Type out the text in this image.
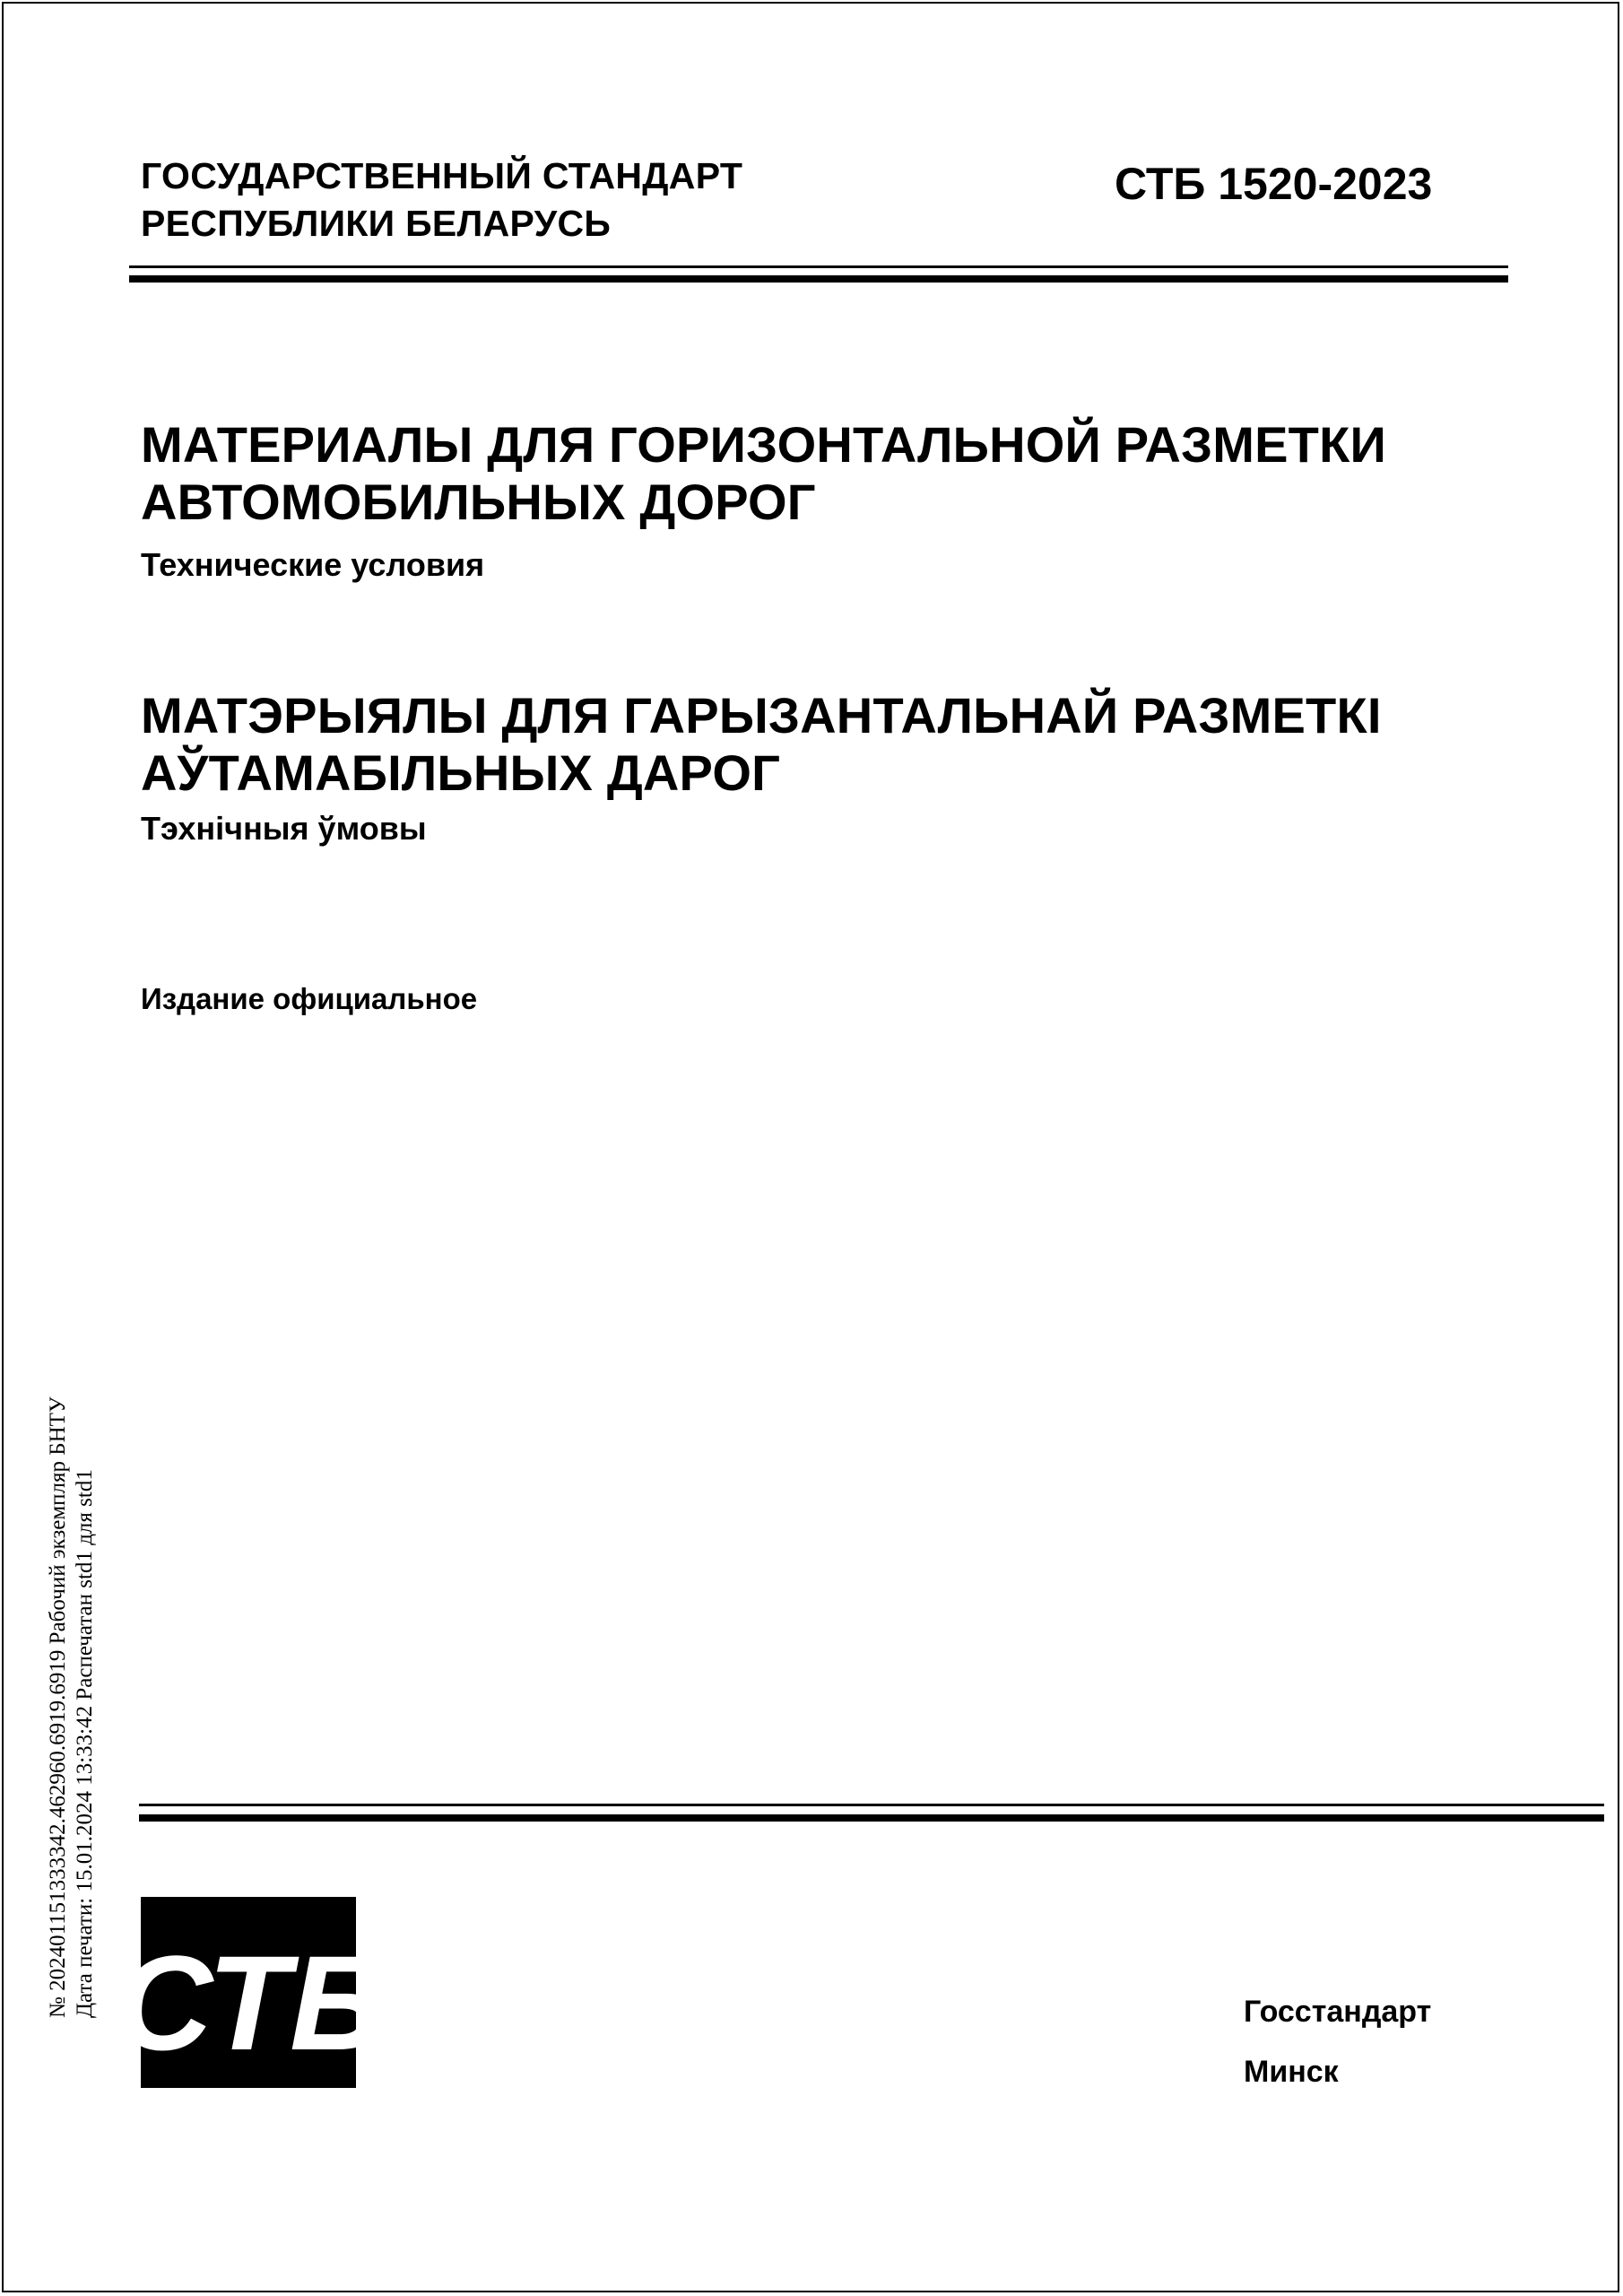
ГОСУДАРСТВЕННЫЙ СТАНДАРТ
РЕСПУБЛИКИ БЕЛАРУСЬ
СТБ 1520-2023
МАТЕРИАЛЫ ДЛЯ ГОРИЗОНТАЛЬНОЙ РАЗМЕТКИ
АВТОМОБИЛЬНЫХ ДОРОГ
Технические условия
МАТЭРЫЯЛЫ ДЛЯ ГАРЫЗАНТАЛЬНАЙ РАЗМЕТКІ
АЎТАМАБІЛЬНЫХ ДАРОГ
Тэхнічныя ўмовы
Издание официальное
№ 202401151333342.462960.6919.6919 Рабочий экземпляр БНТУ Дата печати: 15.01.2024 13:33:42 Распечатан std1 для std1 СТБ	Госстандарт
Минск
